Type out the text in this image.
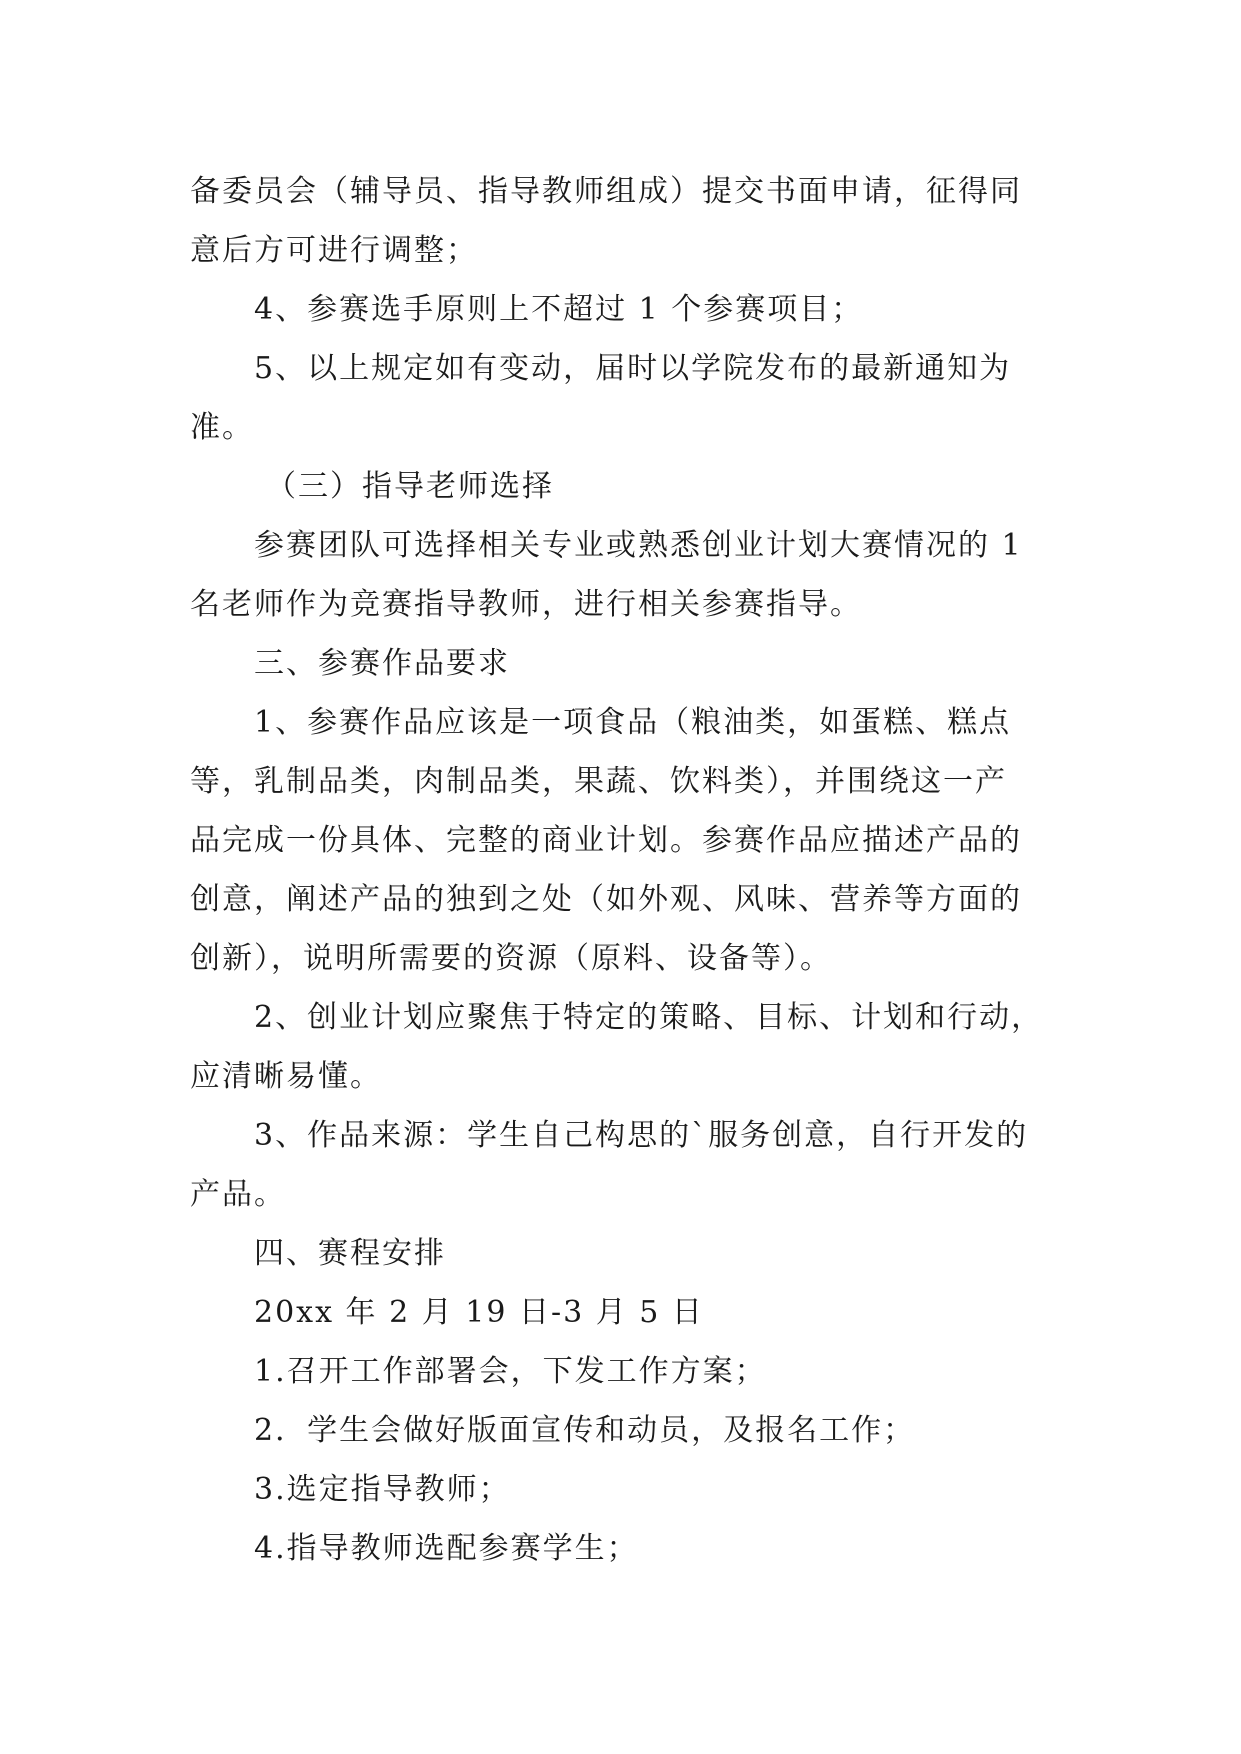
备委员会（辅导员、指导教师组成）提交书面申请，征得同

意后方可进行调整；

4、参赛选手原则上不超过 1 个参赛项目；

5、以上规定如有变动，届时以学院发布的最新通知为

准。

（三）指导老师选择

参赛团队可选择相关专业或熟悉创业计划大赛情况的 1

名老师作为竞赛指导教师，进行相关参赛指导。

三、参赛作品要求

1、参赛作品应该是一项食品（粮油类，如蛋糕、糕点

等，乳制品类，肉制品类，果蔬、饮料类），并围绕这一产

品完成一份具体、完整的商业计划。参赛作品应描述产品的

创意，阐述产品的独到之处（如外观、风味、营养等方面的

创新），说明所需要的资源（原料、设备等）。

2、创业计划应聚焦于特定的策略、目标、计划和行动，

应清晰易懂。

3、作品来源：学生自己构思的`服务创意，自行开发的

产品。

四、赛程安排

20xx 年 2 月 19 日-3 月 5 日

1.召开工作部署会，下发工作方案；

2．学生会做好版面宣传和动员，及报名工作；

3.选定指导教师；

4.指导教师选配参赛学生；
